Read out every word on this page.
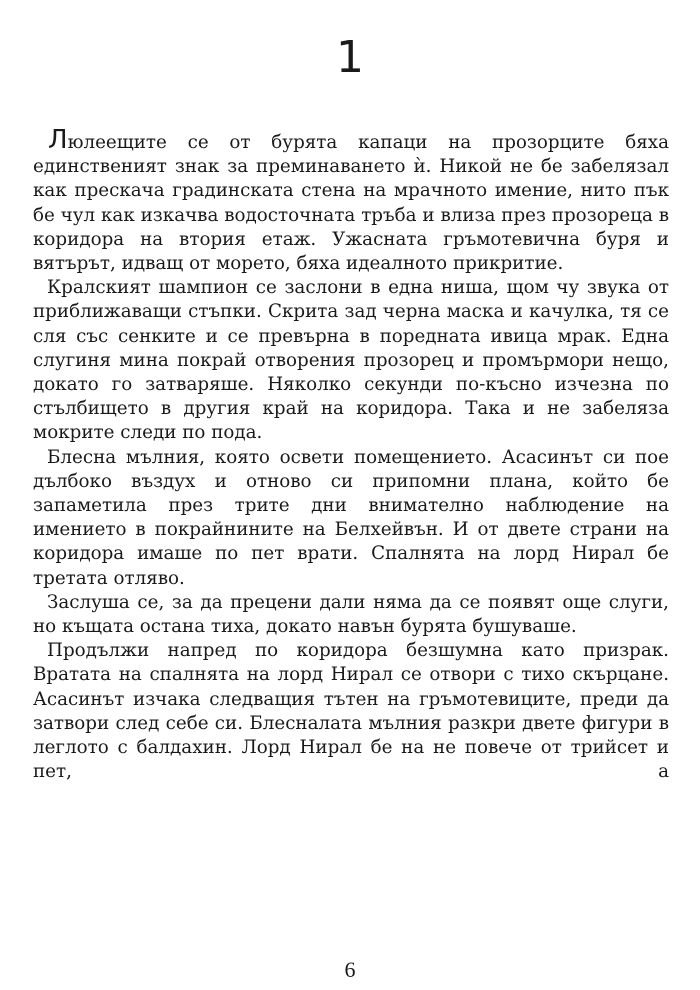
1

Люлеещите се от бурята капаци на прозорците бяха единственият знак за преминаването ѝ. Никой не бе забелязал как прескача градинската стена на мрачното имение, нито пък бе чул как изкачва водосточната тръба и влиза през прозореца в коридора на втория етаж. Ужасната гръмотевична буря и вятърът, идващ от морето, бяха идеалното прикритие.

Кралският шампион се заслони в една ниша, щом чу звука от приближаващи стъпки. Скрита зад черна маска и качулка, тя се сля със сенките и се превърна в поредната ивица мрак. Една слугиня мина покрай отворения прозорец и промърмори нещо, докато го затваряше. Няколко секунди по-късно изчезна по стълбището в другия край на коридора. Така и не забеляза мокрите следи по пода.

Блесна мълния, която освети помещението. Асасинът си пое дълбоко въздух и отново си припомни плана, който бе запаметила през трите дни внимателно наблюдение на имението в покрайнините на Белхейвън. И от двете страни на коридора имаше по пет врати. Спалнята на лорд Нирал бе третата отляво.

Заслуша се, за да прецени дали няма да се появят още слуги, но къщата остана тиха, докато навън бурята бушуваше.

Продължи напред по коридора безшумна като призрак. Вратата на спалнята на лорд Нирал се отвори с тихо скърцане. Асасинът изчака следващия тътен на гръмотевиците, преди да затвори след себе си. Блесналата мълния разкри двете фигури в леглото с балдахин. Лорд Нирал бе на не повече от трийсет и пет, а

6
